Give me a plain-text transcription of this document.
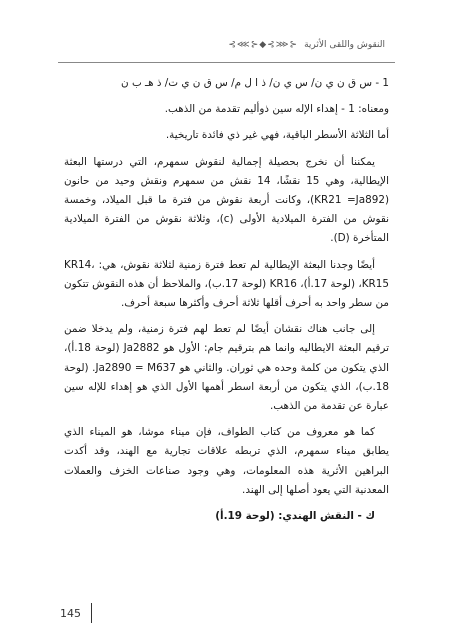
⊰⋘⊱◆⊰⋙⊱ النقوش واللقى الأثرية

1 - س ق ن ي ن/ س ي ن/ ذ ا ل م/ س ق ن ي ت/ ذ هـ ب ن

ومعناه: 1 - إهداء الإله سين ذوأليم تقدمة من الذهب.

أما الثلاثة الأسطر الباقية، فهي غير ذي فائدة تاريخية.

يمكننا أن نخرج بحصيلة إجمالية لنقوش سمهرم، التي درستها البعثة الإيطالية، وهي 15 نقشًا، 14 نقش من سمهرم ونقش وحيد من حانون (KR21 =Ja892)، وكانت أربعة نقوش من فترة ما قبل الميلاد، وخمسة نقوش من الفترة الميلادية الأولى (c)، وثلاثة نقوش من الفترة الميلادية المتأخرة (D).

أيضًا وجدنا البعثة الإيطالية لم تعط فترة زمنية لثلاثة نقوش، هي: KR14، KR15، (لوحة 17.أ)، KR16 (لوحة 17.ب)، والملاحظ أن هذه النقوش تتكون من سطر واحد به أحرف أقلها ثلاثة أحرف وأكثرها سبعة أحرف.

إلى جانب هناك نقشان أيضًا لم تعط لهم فترة زمنية، ولم يدخلا ضمن ترقيم البعثة الايطاليه وانما هم بترقيم جام: الأول هو Ja2882 (لوحة 18.أ)، الذي يتكون من كلمة وحده هي ثوران. والثاني هو Ja2890 = M637. (لوحة 18.ب)، الذي يتكون من أربعة اسطر أهمها الأول الذي هو إهداء للإله سين عبارة عن تقدمة من الذهب.

كما هو معروف من كتاب الطواف، فإن ميناء موشا، هو الميناء الذي يطابق ميناء سمهرم، الذي تربطه علاقات تجارية مع الهند، وقد أكدت البراهين الأثرية هذه المعلومات، وهي وجود صناعات الخزف والعملات المعدنية التي يعود أصلها إلى الهند.

ك - النقش الهندي: (لوحة 19.أ)

145
